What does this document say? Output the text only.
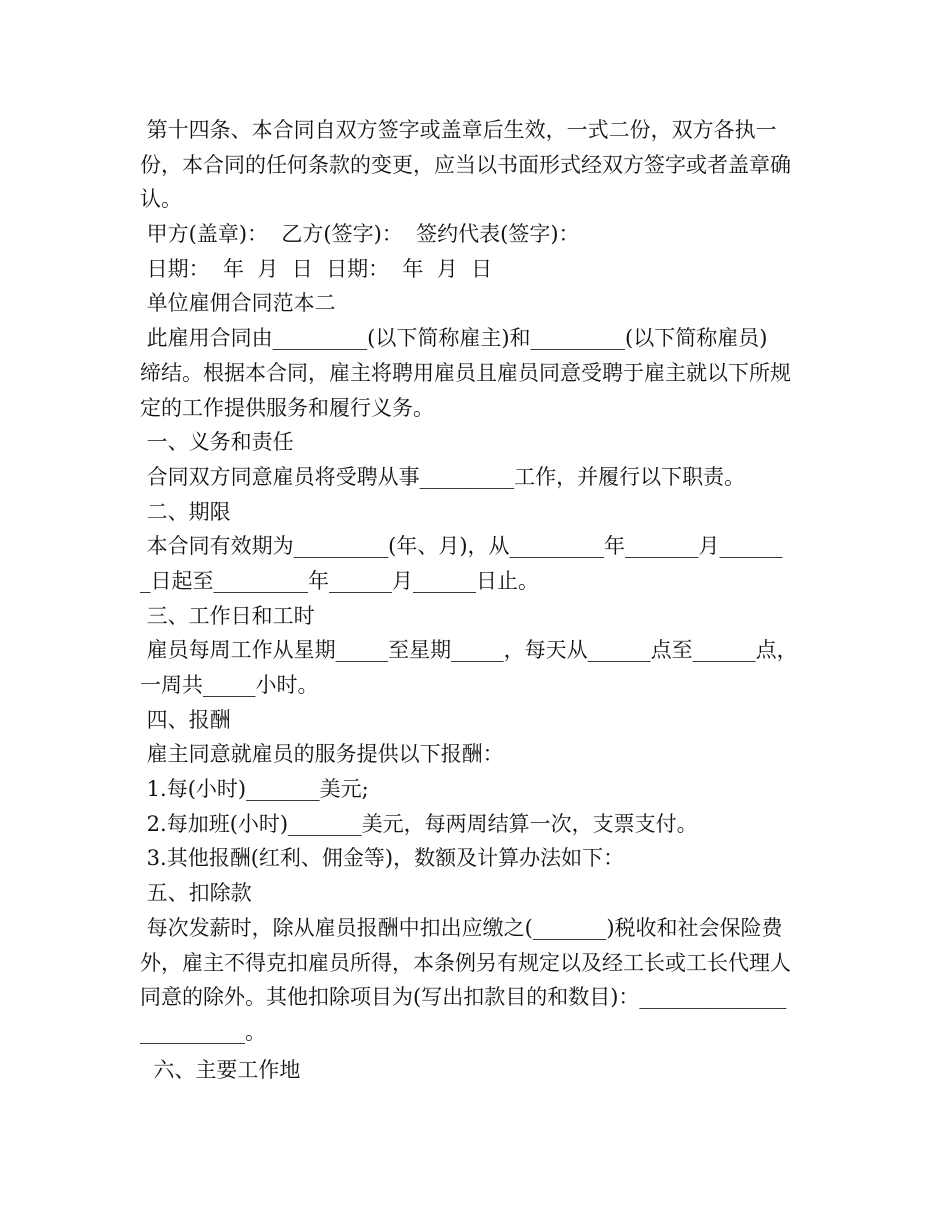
第十四条、本合同自双方签字或盖章后生效，一式二份，双方各执一
份，本合同的任何条款的变更，应当以书面形式经双方签字或者盖章确
认。
甲方(盖章)：  乙方(签字)：  签约代表(签字)：
日期：  年  月  日  日期：  年  月  日
单位雇佣合同范本二
此雇用合同由_________(以下简称雇主)和_________(以下简称雇员)
缔结。根据本合同，雇主将聘用雇员且雇员同意受聘于雇主就以下所规
定的工作提供服务和履行义务。
一、义务和责任
合同双方同意雇员将受聘从事_________工作，并履行以下职责。
二、期限
本合同有效期为_________(年、月)，从_________年_______月______
_日起至_________年______月______日止。
三、工作日和工时
雇员每周工作从星期_____至星期_____，每天从______点至______点，
一周共_____小时。
四、报酬
雇主同意就雇员的服务提供以下报酬：
1.每(小时)_______美元;
2.每加班(小时)_______美元，每两周结算一次，支票支付。
3.其他报酬(红利、佣金等)，数额及计算办法如下：
五、扣除款
每次发薪时，除从雇员报酬中扣出应缴之(_______)税收和社会保险费
外，雇主不得克扣雇员所得，本条例另有规定以及经工长或工长代理人
同意的除外。其他扣除项目为(写出扣款目的和数目)：______________
__________。
六、主要工作地
